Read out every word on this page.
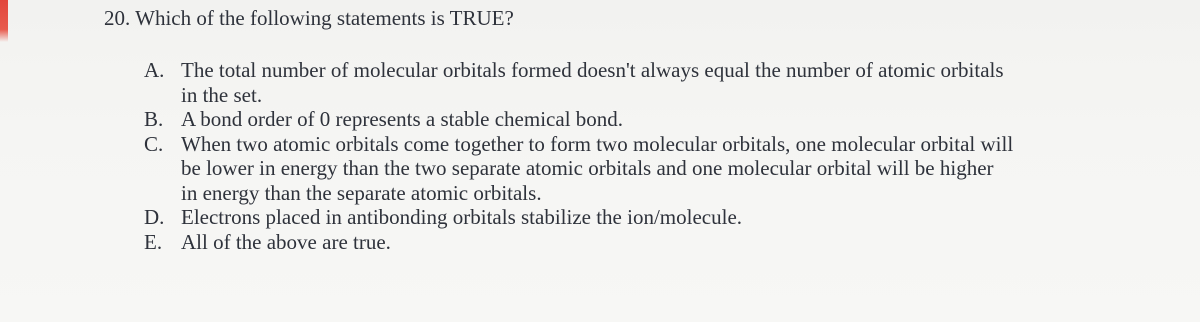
20. Which of the following statements is TRUE?
A. The total number of molecular orbitals formed doesn't always equal the number of atomic orbitals
in the set.
B. A bond order of 0 represents a stable chemical bond.
C. When two atomic orbitals come together to form two molecular orbitals, one molecular orbital will
be lower in energy than the two separate atomic orbitals and one molecular orbital will be higher
in energy than the separate atomic orbitals.
D. Electrons placed in antibonding orbitals stabilize the ion/molecule.
E. All of the above are true.
